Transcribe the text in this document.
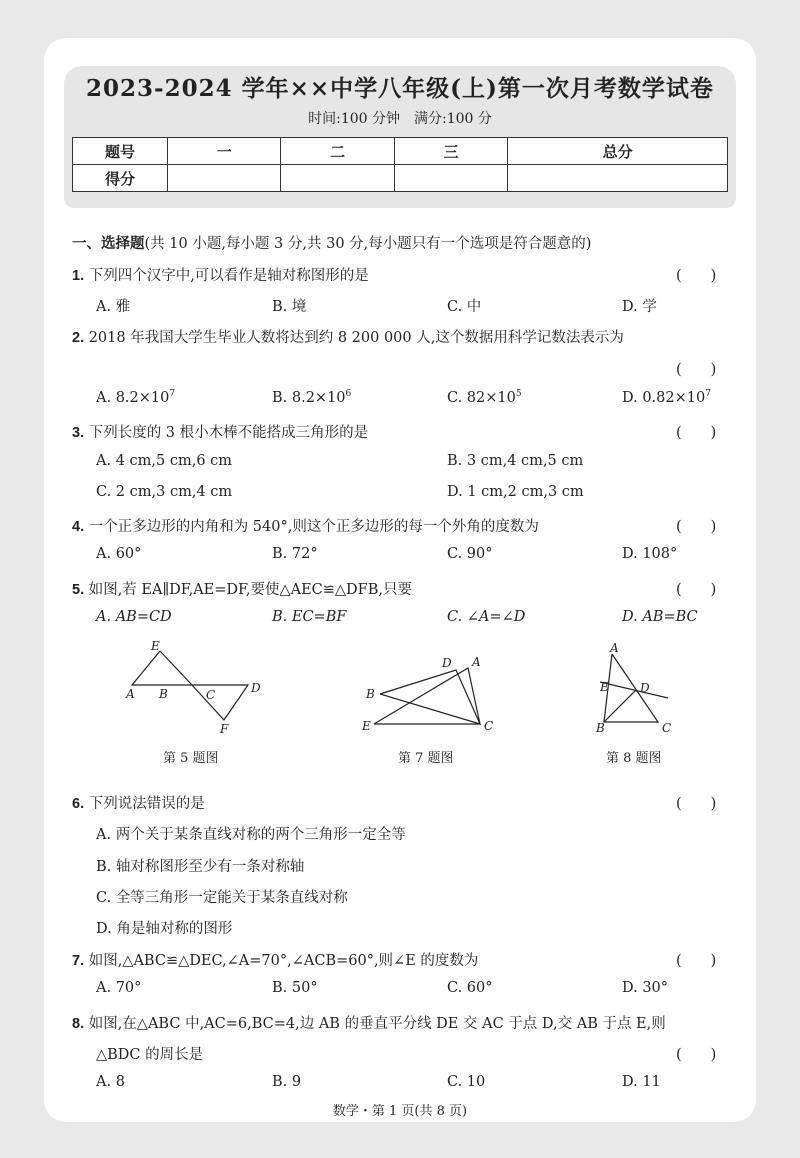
2023-2024 学年××中学八年级(上)第一次月考数学试卷
时间:100 分钟　满分:100 分
题号	一	二	三	总分
得分				
一、选择题(共 10 小题,每小题 3 分,共 30 分,每小题只有一个选项是符合题意的)
1. 下列四个汉字中,可以看作是轴对称图形的是	(　　)
A. 雅	B. 境	C. 中	D. 学
2. 2018 年我国大学生毕业人数将达到约 8 200 000 人,这个数据用科学记数法表示为
(　　)
A. $8.2\times 10^7$	B. $8.2\times 10^6$	C. $82\times 10^5$	D. $0.82\times 10^7$
3. 下列长度的 3 根小木棒不能搭成三角形的是	(　　)
A. 4 cm,5 cm,6 cm	B. 3 cm,4 cm,5 cm
C. 2 cm,3 cm,4 cm	D. 1 cm,2 cm,3 cm
4. 一个正多边形的内角和为 540°,则这个正多边形的每一个外角的度数为	(　　)
A. 60°	B. 72°	C. 90°	D. 108°
5. 如图,若 EA∥DF,AE=DF,要使△AEC≌△DFB,只要	(　　)
A. AB=CD	B. EC=BF	C. ∠A=∠D	D. AB=BC
E
A B	C	D
F
第 5 题图
D A
B
E	C
第 7 题图
A
E	D
B	C
第 8 题图
6. 下列说法错误的是	(　　)
A. 两个关于某条直线对称的两个三角形一定全等
B. 轴对称图形至少有一条对称轴
C. 全等三角形一定能关于某条直线对称
D. 角是轴对称的图形
7. 如图,△ABC≌△DEC,∠A=70°,∠ACB=60°,则∠E 的度数为	(　　)
A. 70°	B. 50°	C. 60°	D. 30°
8. 如图,在△ABC 中,AC=6,BC=4,边 AB 的垂直平分线 DE 交 AC 于点 D,交 AB 于点 E,则
△BDC 的周长是	(　　)
A. 8	B. 9	C. 10	D. 11
数学・第 1 页(共 8 页)
